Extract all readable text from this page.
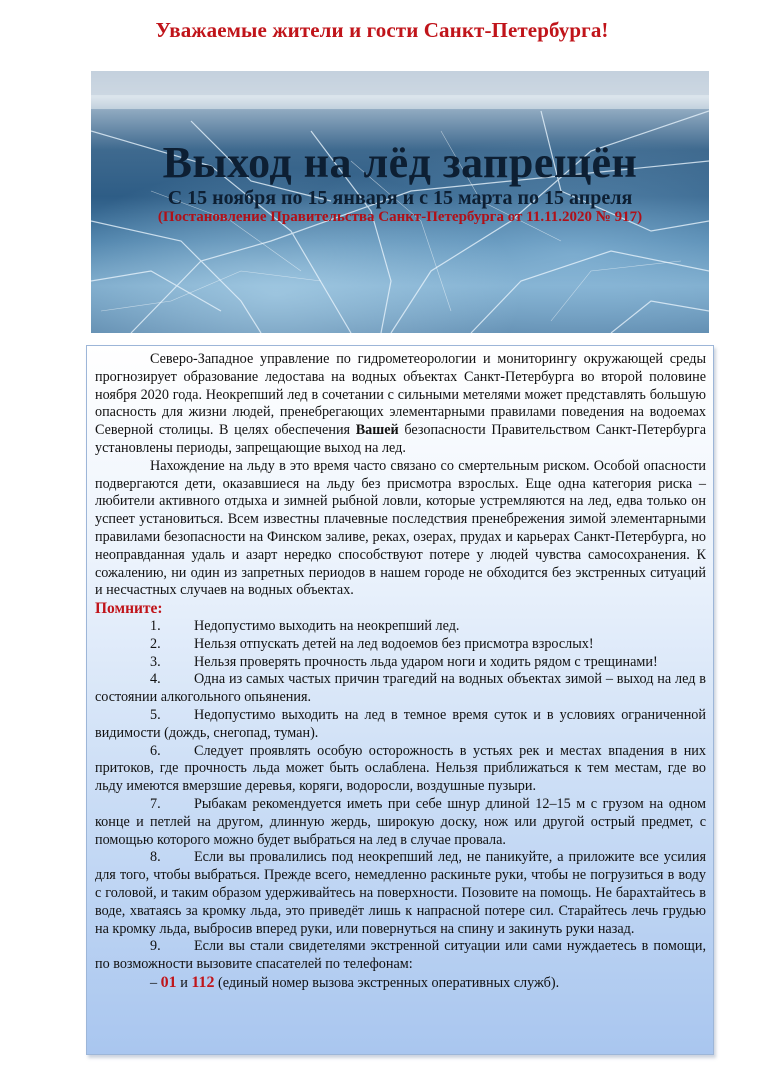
Уважаемые жители и гости Санкт-Петербурга!
Выход на лёд запрещён
С 15 ноября по 15 января и с 15 марта по 15 апреля
(Постановление Правительства Санкт-Петербурга от 11.11.2020 № 917)

Северо-Западное управление по гидрометеорологии и мониторингу окружающей среды прогнозирует образование ледостава на водных объектах Санкт-Петербурга во второй половине ноября 2020 года. Неокрепший лед в сочетании с сильными метелями может представлять большую опасность для жизни людей, пренебрегающих элементарными правилами поведения на водоемах Северной столицы. В целях обеспечения Вашей безопасности Правительством Санкт-Петербурга установлены периоды, запрещающие выход на лед.

Нахождение на льду в это время часто связано со смертельным риском. Особой опасности подвергаются дети, оказавшиеся на льду без присмотра взрослых. Еще одна категория риска – любители активного отдыха и зимней рыбной ловли, которые устремляются на лед, едва только он успеет установиться. Всем известны плачевные последствия пренебрежения зимой элементарными правилами безопасности на Финском заливе, реках, озерах, прудах и карьерах Санкт-Петербурга, но неоправданная удаль и азарт нередко способствуют потере у людей чувства самосохранения. К сожалению, ни один из запретных периодов в нашем городе не обходится без экстренных ситуаций и несчастных случаев на водных объектах.

Помните:

1. Недопустимо выходить на неокрепший лед.

2. Нельзя отпускать детей на лед водоемов без присмотра взрослых!

3. Нельзя проверять прочность льда ударом ноги и ходить рядом с трещинами!

4. Одна из самых частых причин трагедий на водных объектах зимой – выход на лед в состоянии алкогольного опьянения.

5. Недопустимо выходить на лед в темное время суток и в условиях ограниченной видимости (дождь, снегопад, туман).

6. Следует проявлять особую осторожность в устьях рек и местах впадения в них притоков, где прочность льда может быть ослаблена. Нельзя приближаться к тем местам, где во льду имеются вмерзшие деревья, коряги, водоросли, воздушные пузыри.

7. Рыбакам рекомендуется иметь при себе шнур длиной 12–15 м с грузом на одном конце и петлей на другом, длинную жердь, широкую доску, нож или другой острый предмет, с помощью которого можно будет выбраться на лед в случае провала.

8. Если вы провалились под неокрепший лед, не паникуйте, а приложите все усилия для того, чтобы выбраться. Прежде всего, немедленно раскиньте руки, чтобы не погрузиться в воду с головой, и таким образом удерживайтесь на поверхности. Позовите на помощь. Не барахтайтесь в воде, хватаясь за кромку льда, это приведёт лишь к напрасной потере сил. Старайтесь лечь грудью на кромку льда, выбросив вперед руки, или повернуться на спину и закинуть руки назад.

9. Если вы стали свидетелями экстренной ситуации или сами нуждаетесь в помощи, по возможности вызовите спасателей по телефонам:

– 01 и 112 (единый номер вызова экстренных оперативных служб).
